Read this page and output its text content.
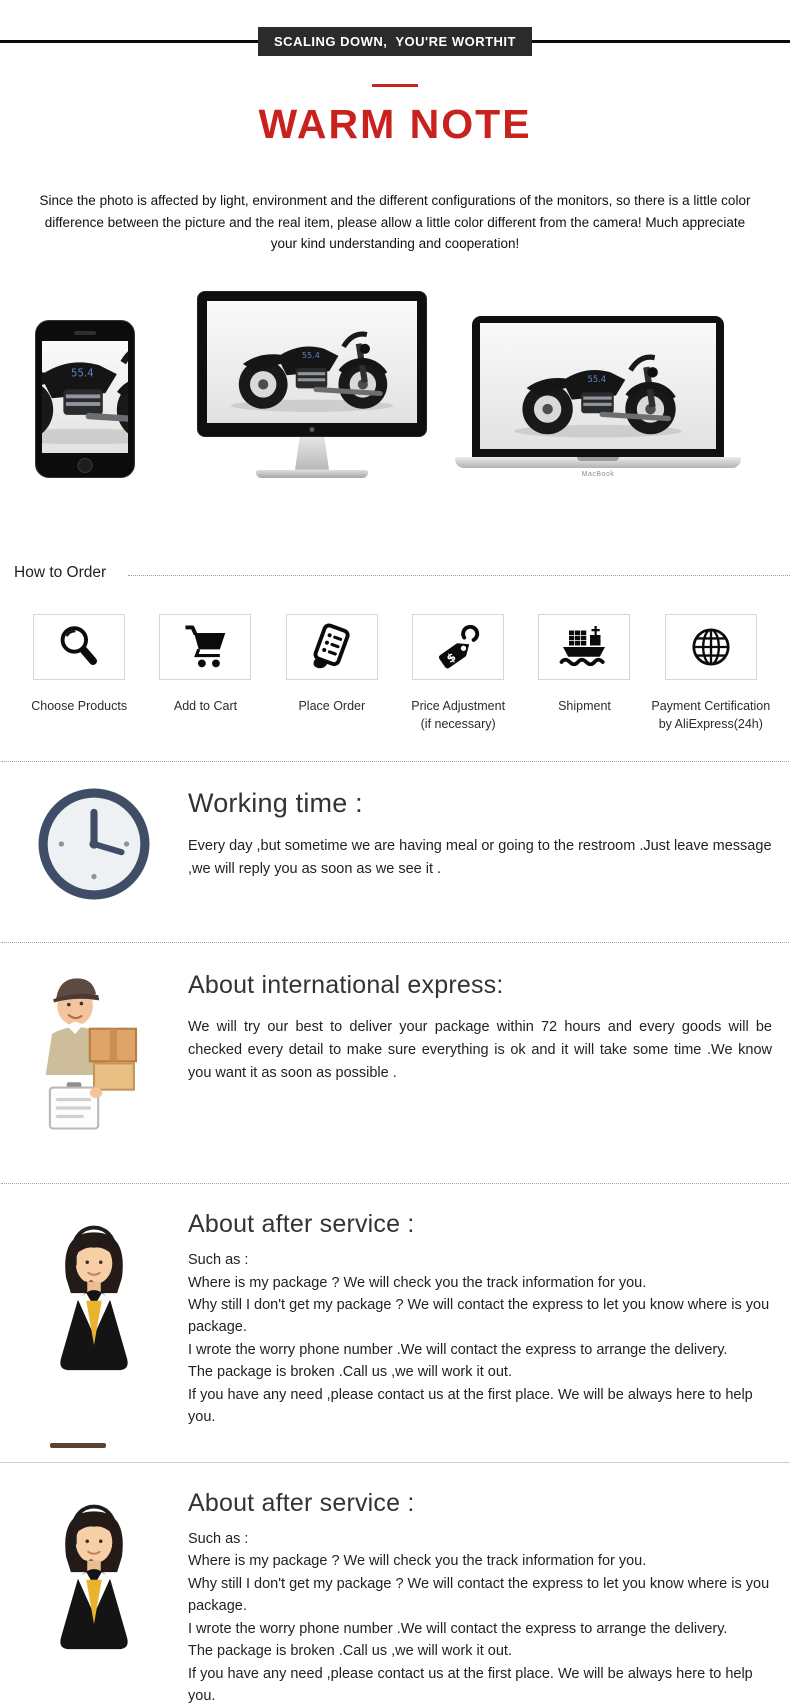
SCALING DOWN,  YOU'RE WORTHIT
WARM NOTE

Since the photo is affected by light, environment and the different configurations of the monitors, so there is a little color difference between the picture and the real item, please allow a little color different from the camera! Much appreciate your kind understanding and cooperation!

MacBook
How to Order
Choose Products	Add to Cart	Place Order
$
Price Adjustment
(if necessary)
Shipment	Payment Certification
by AliExpress(24h)
Working time :

Every day ,but sometime we are having meal or going to the restroom .Just leave message ,we will reply you as soon as we see it .

About international express:

We will try our best to deliver your package within 72 hours and every goods will be checked every detail to make sure everything is ok and it will take some time .We know you want it as soon as possible .

About after service :

Such as :

Where is my package ? We will check you the track information for you.

Why still I don't get my package ? We will contact the express to let you know where is you package.

I wrote the worry phone number .We will contact the express to arrange the delivery.

The package is broken .Call us ,we will work it out.

If you have any need ,please contact us at the first place. We will be always here to help you.

About after service :

Such as :

Where is my package ? We will check you the track information for you.

Why still I don't get my package ? We will contact the express to let you know where is you package.

I wrote the worry phone number .We will contact the express to arrange the delivery.

The package is broken .Call us ,we will work it out.

If you have any need ,please contact us at the first place. We will be always here to help you.
